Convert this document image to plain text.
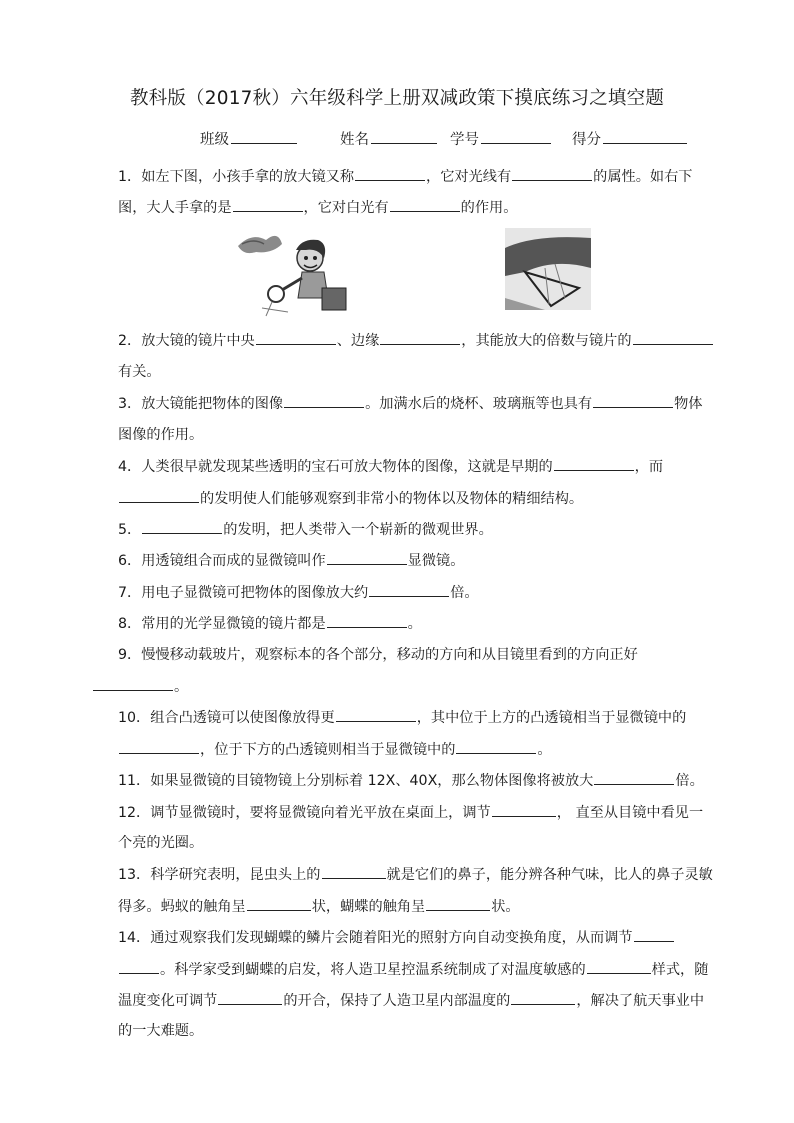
教科版（2017秋）六年级科学上册双减政策下摸底练习之填空题
班级	姓名	学号	得分
1．如左下图，小孩手拿的放大镜又称	，它对光线有	的属性。如右下
图，大人手拿的是	，它对白光有	的作用。
2．放大镜的镜片中央	、边缘	，其能放大的倍数与镜片的
有关。
3．放大镜能把物体的图像	。加满水后的烧杯、玻璃瓶等也具有	物体
图像的作用。
4．人类很早就发现某些透明的宝石可放大物体的图像，这就是早期的	，而
的发明使人们能够观察到非常小的物体以及物体的精细结构。
5．	的发明，把人类带入一个崭新的微观世界。
6．用透镜组合而成的显微镜叫作	显微镜。
7．用电子显微镜可把物体的图像放大约	倍。
8．常用的光学显微镜的镜片都是	。
9．慢慢移动载玻片，观察标本的各个部分，移动的方向和从目镜里看到的方向正好
。
10．组合凸透镜可以使图像放得更	，其中位于上方的凸透镜相当于显微镜中的
，位于下方的凸透镜则相当于显微镜中的	。
11．如果显微镜的目镜物镜上分别标着 12X、40X，那么物体图像将被放大	倍。
12．调节显微镜时，要将显微镜向着光平放在桌面上，调节	， 直至从目镜中看见一
个亮的光圈。
13．科学研究表明，昆虫头上的	就是它们的鼻子，能分辨各种气味，比人的鼻子灵敏
得多。蚂蚁的触角呈	状，蝴蝶的触角呈	状。
14．通过观察我们发现蝴蝶的鳞片会随着阳光的照射方向自动变换角度，从而调节
。科学家受到蝴蝶的启发，将人造卫星控温系统制成了对温度敏感的	样式，随
温度变化可调节	的开合，保持了人造卫星内部温度的	，解决了航天事业中
的一大难题。
